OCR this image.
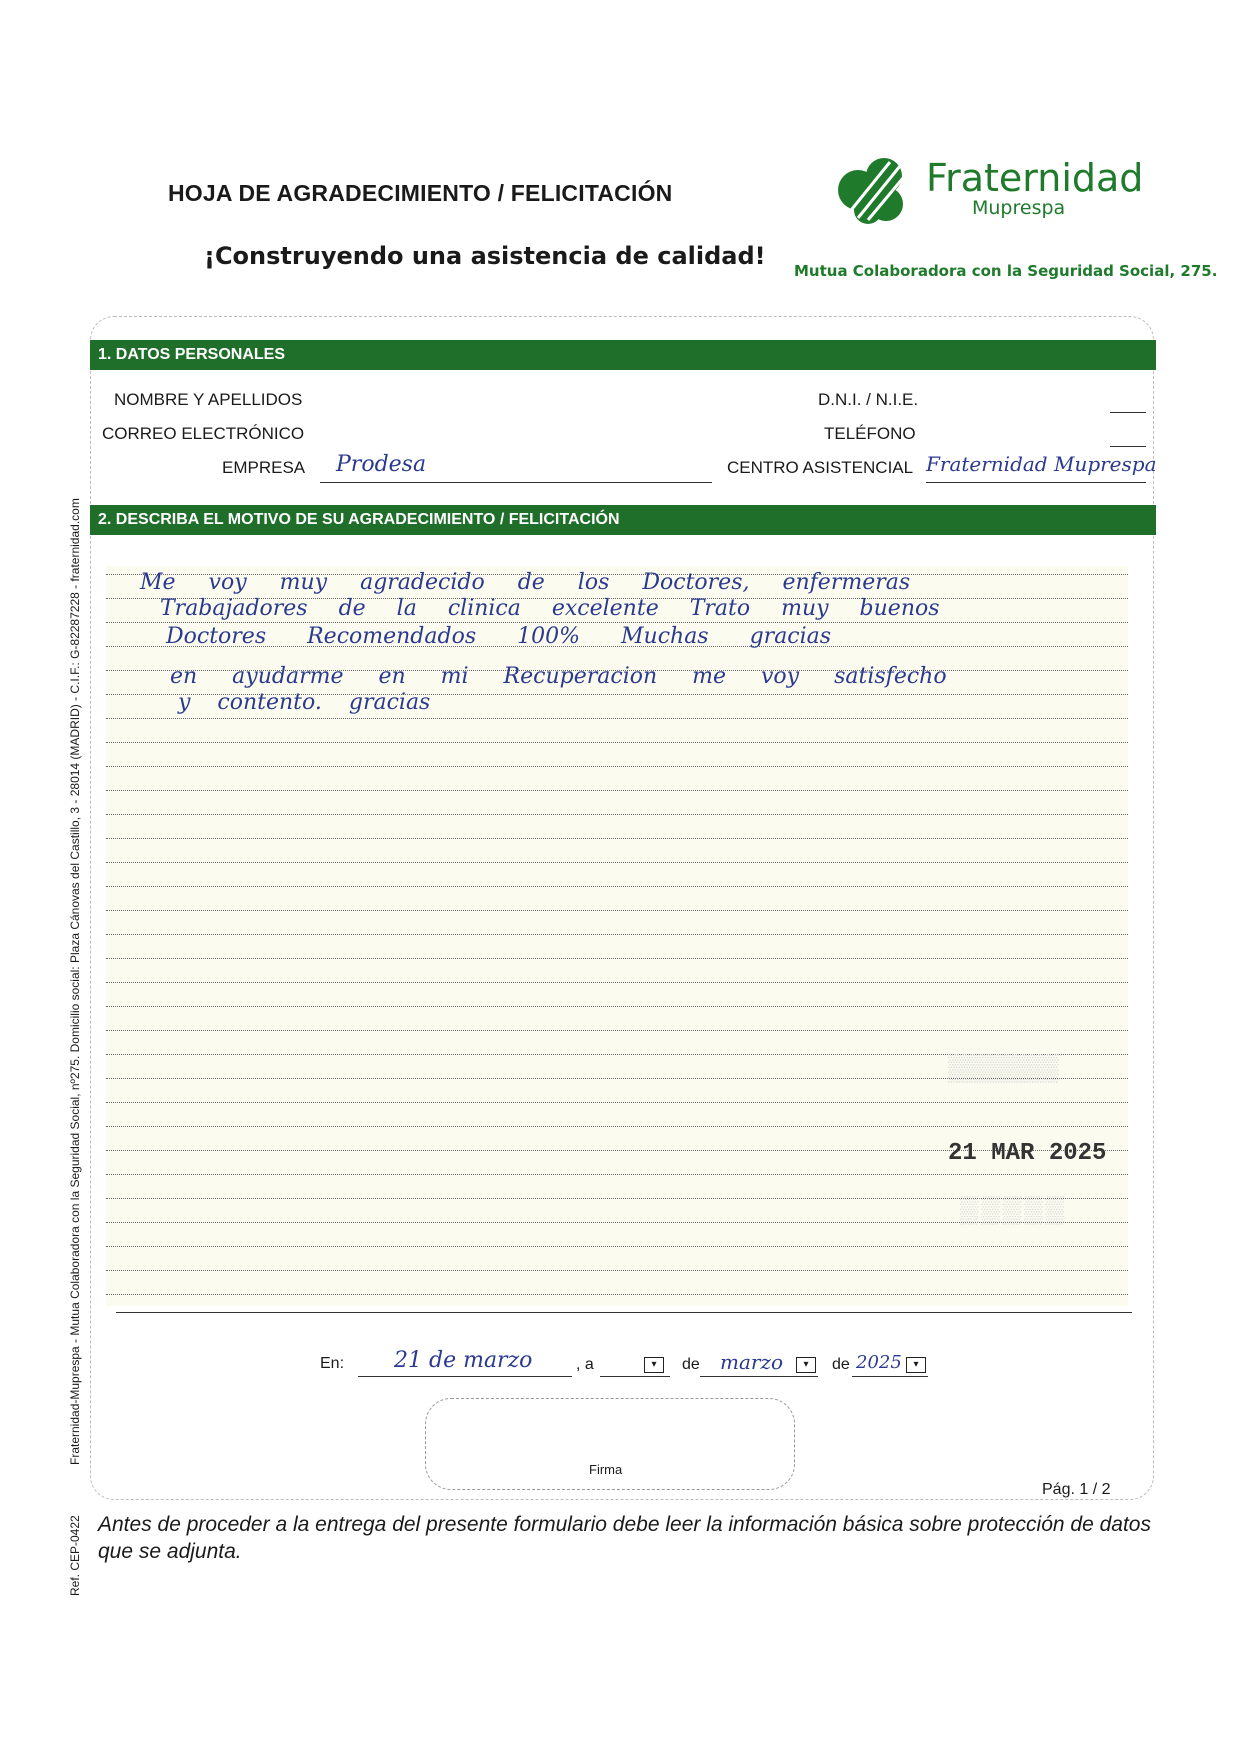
HOJA DE AGRADECIMIENTO / FELICITACIÓN
¡Construyendo una asistencia de calidad!
Fraternidad
Mupresp​a
Mutua Colaboradora con la Seguridad Social, 275.
1. DATOS PERSONALES
NOMBRE Y APELLIDOS
CORREO ELECTRÓNICO
EMPRESA Prodesa
D.N.I. / N.I.E.
TELÉFONO
CENTRO ASISTENCIAL Fraternidad Mupresp​a
2. DESCRIBA EL MOTIVO DE SU AGRADECIMIENTO / FELICITACIÓN
Me voy muy agradecido de los Doctores, enfermeras
Trabajadores de la clinica excelente Trato muy buenos
Doctores Recomendados 100% Muchas gracias
en ayudarme en mi Recuperacion me voy satisfecho
y contento. gracias
▒▒▒▒▒▒
21 MAR 2025
▒▒▒▒▒
En: 21 de marzo	, a	▾	de marzo	▾	de 2025	▾
Firma
Pág. 1 / 2
Antes de proceder a la entrega del presente formulario debe leer la información básica sobre protección de datos que se adjunta.
Fraternidad-Mupresp​a - Mutua Colaboradora con la Seguridad Social, nº275. Domicilio social: Plaza Cánovas del Castillo, 3 - 28014 (MADRID) - C.I.F.: G-82287228 - fraternidad.com
Ref. CEP-0422
